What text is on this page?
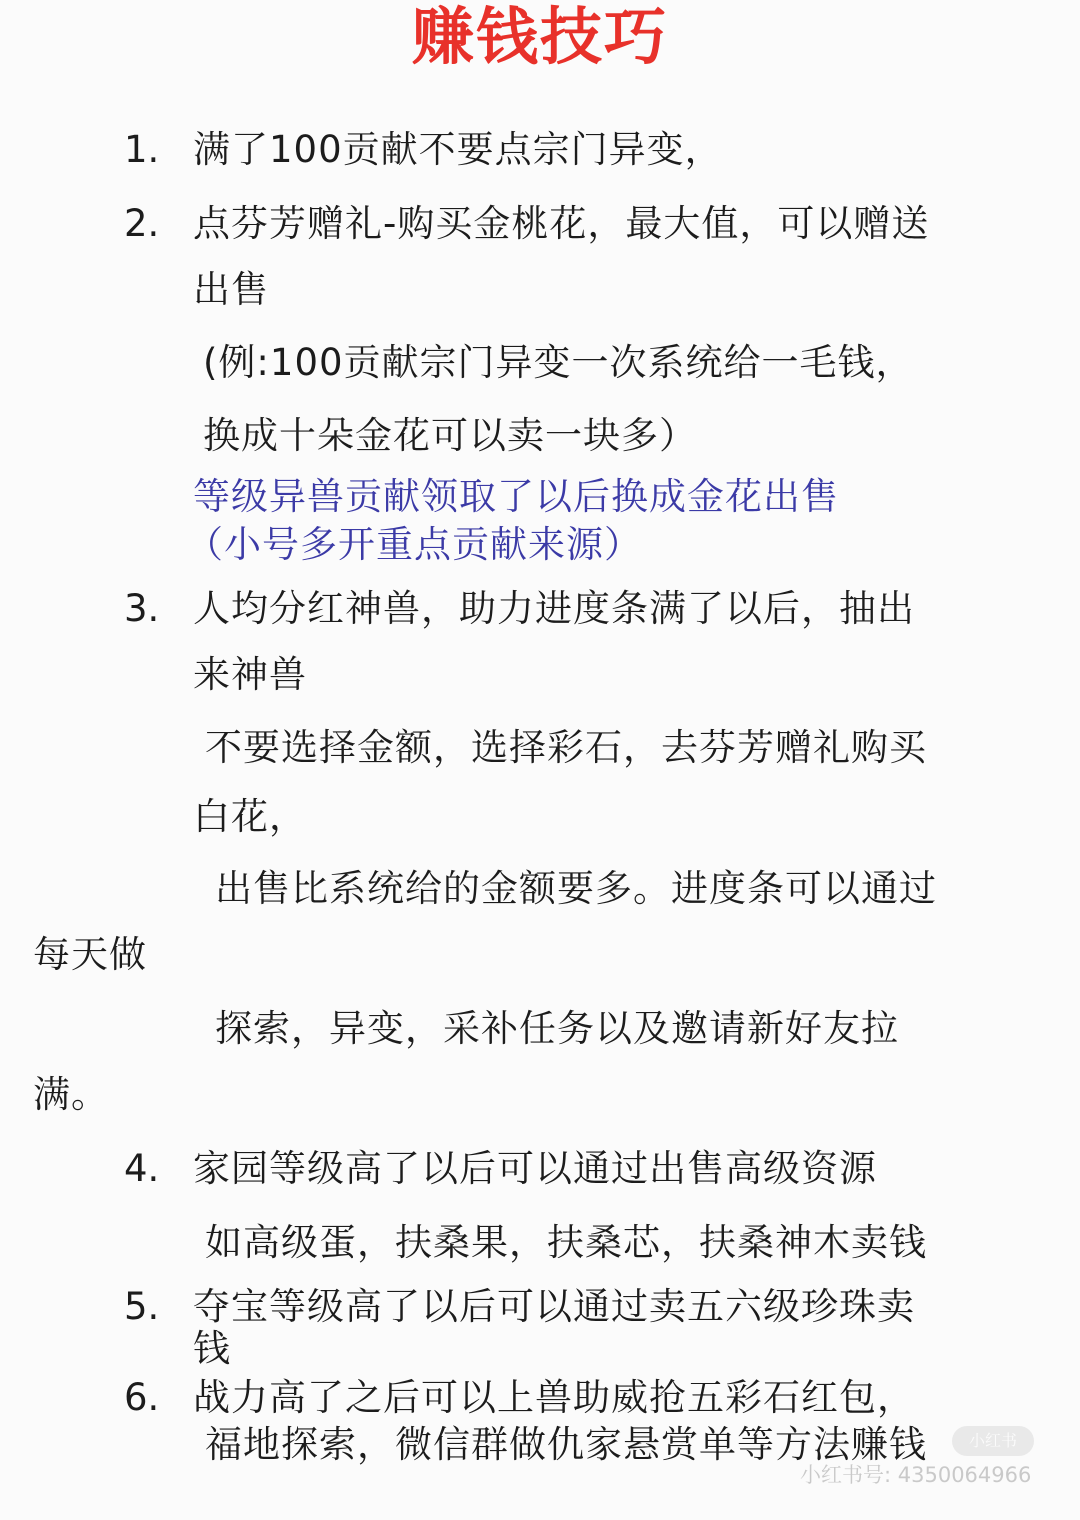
赚钱技巧
1. 满了100贡献不要点宗门异变，
2. 点芬芳赠礼-购买金桃花，最大值，可以赠送
出售
(例:100贡献宗门异变一次系统给一毛钱，
换成十朵金花可以卖一块多）
等级异兽贡献领取了以后换成金花出售
（小号多开重点贡献来源）
3. 人均分红神兽，助力进度条满了以后，抽出
来神兽
不要选择金额，选择彩石，去芬芳赠礼购买
白花，
出售比系统给的金额要多。进度条可以通过
每天做
探索，异变，采补任务以及邀请新好友拉
满。
4. 家园等级高了以后可以通过出售高级资源
如高级蛋，扶桑果，扶桑芯，扶桑神木卖钱
5. 夺宝等级高了以后可以通过卖五六级珍珠卖
钱
6. 战力高了之后可以上兽助威抢五彩石红包，
福地探索，微信群做仇家悬赏单等方法赚钱	小红书
小红书号: 4350064966
